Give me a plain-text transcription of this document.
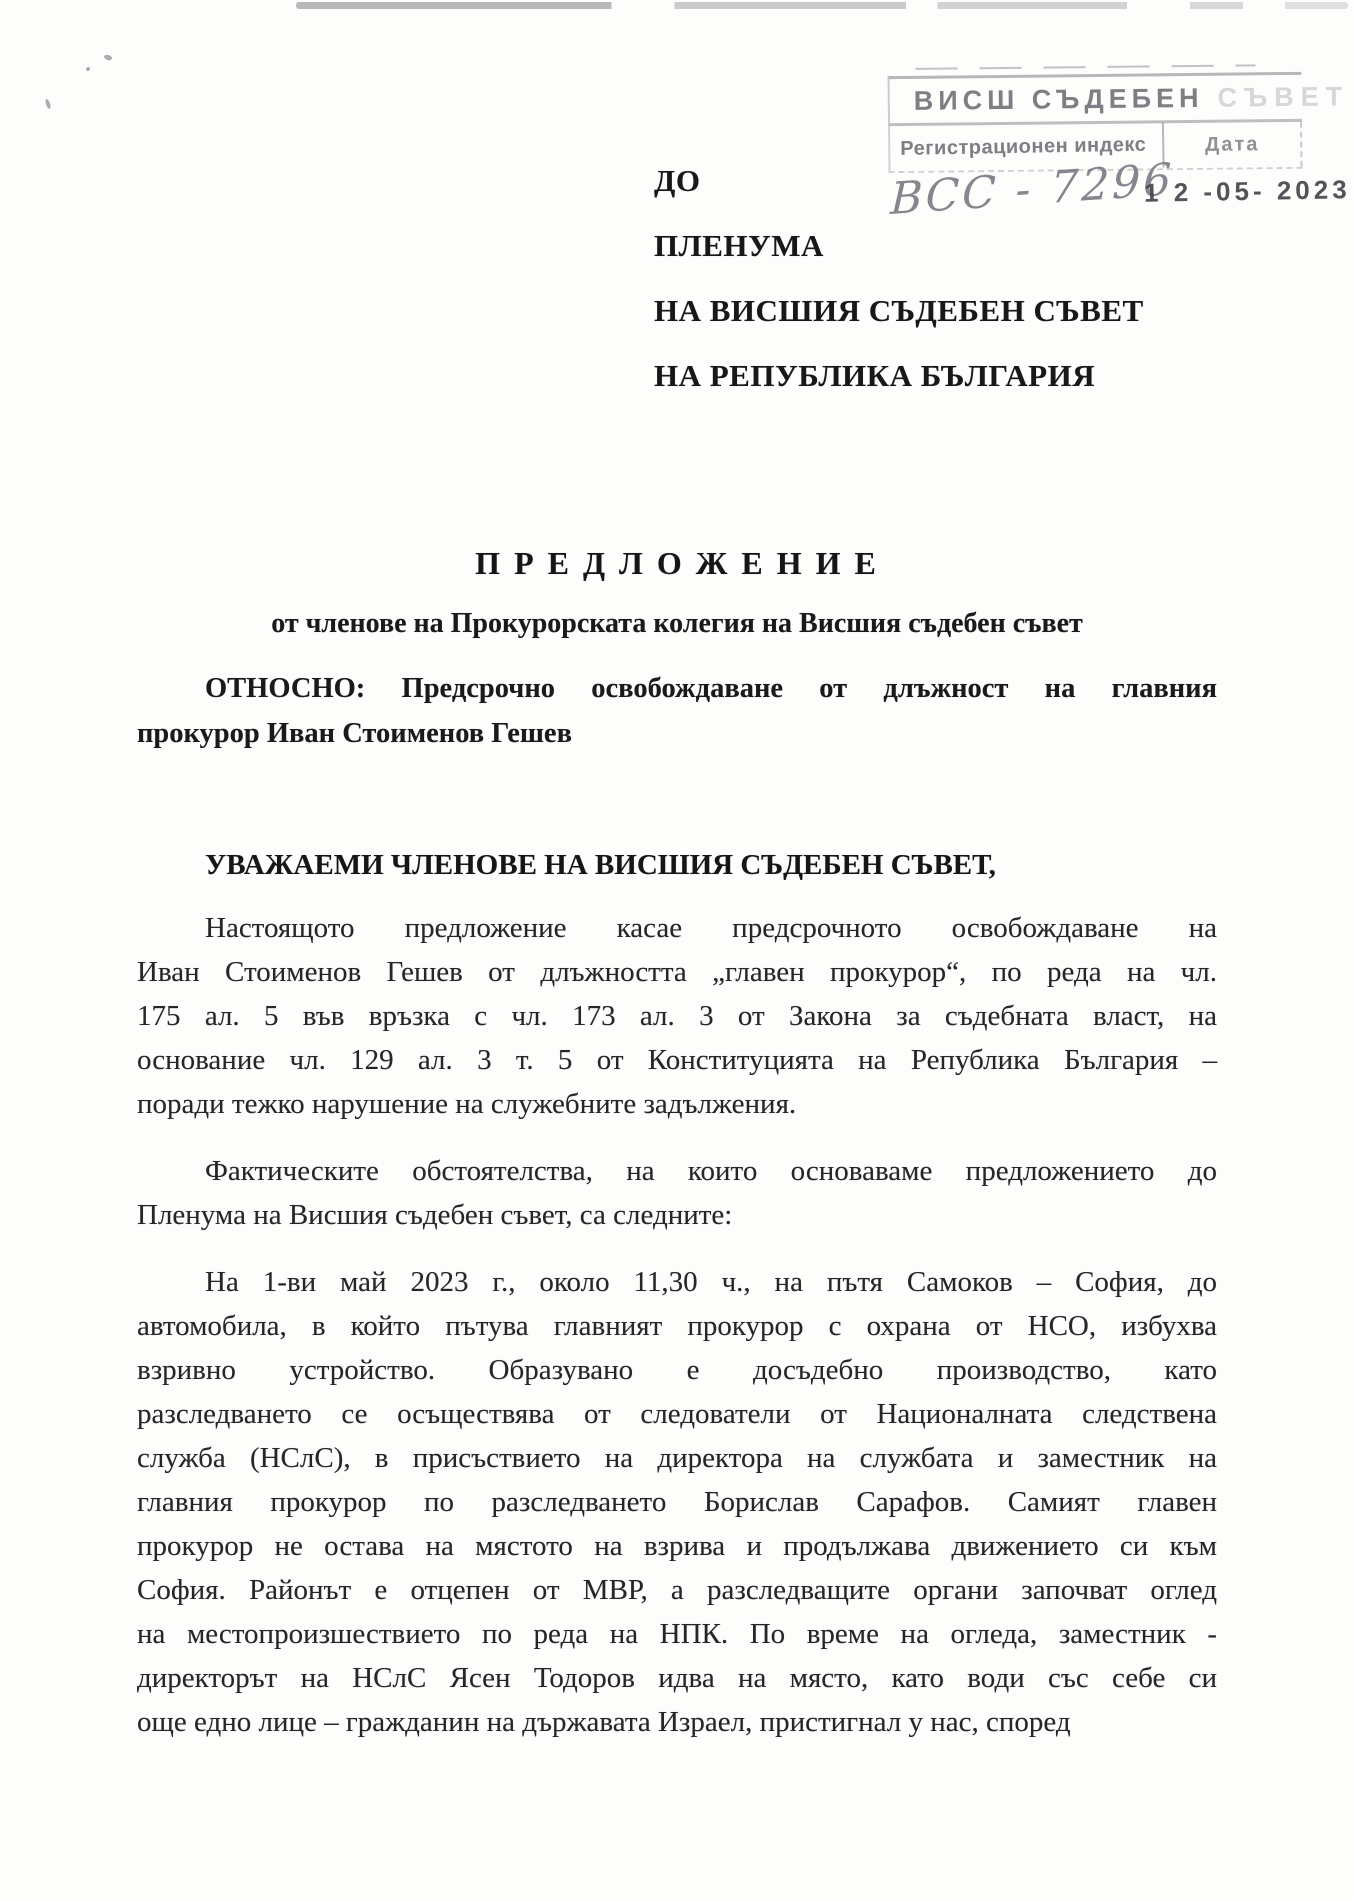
ВИСШ СЪДЕБЕН СЪВЕТ
Регистрационен индекс	Дата
ВСС - 7296
1 2 -05- 2023
ДО
ПЛЕНУМА
НА ВИСШИЯ СЪДЕБЕН СЪВЕТ
НА РЕПУБЛИКА БЪЛГАРИЯ
П Р Е Д Л О Ж Е Н И Е
от членове на Прокурорската колегия на Висшия съдебен съвет
ОТНОСНО: Предсрочно освобождаване от длъжност на главния
прокурор Иван Стоименов Гешев
УВАЖАЕМИ ЧЛЕНОВЕ НА ВИСШИЯ СЪДЕБЕН СЪВЕТ,
Настоящото предложение касае предсрочното освобождаване на
Иван Стоименов Гешев от длъжността „главен прокурор“, по реда на чл.
175 ал. 5 във връзка с чл. 173 ал. 3 от Закона за съдебната власт, на
основание чл. 129 ал. 3 т. 5 от Конституцията на Република България –
поради тежко нарушение на служебните задължения.
Фактическите обстоятелства, на които основаваме предложението до
Пленума на Висшия съдебен съвет, са следните:
На 1-ви май 2023 г., около 11,30 ч., на пътя Самоков – София, до
автомобила, в който пътува главният прокурор с охрана от НСО, избухва
взривно устройство. Образувано е досъдебно производство, като
разследването се осъществява от следователи от Националната следствена
служба (НСлС), в присъствието на директора на службата и заместник на
главния прокурор по разследването Борислав Сарафов. Самият главен
прокурор не остава на мястото на взрива и продължава движението си към
София. Районът е отцепен от МВР, а разследващите органи започват оглед
на местопроизшествието по реда на НПК. По време на огледа, заместник -
директорът на НСлС Ясен Тодоров идва на място, като води със себе си
още едно лице – гражданин на държавата Израел, пристигнал у нас, според
